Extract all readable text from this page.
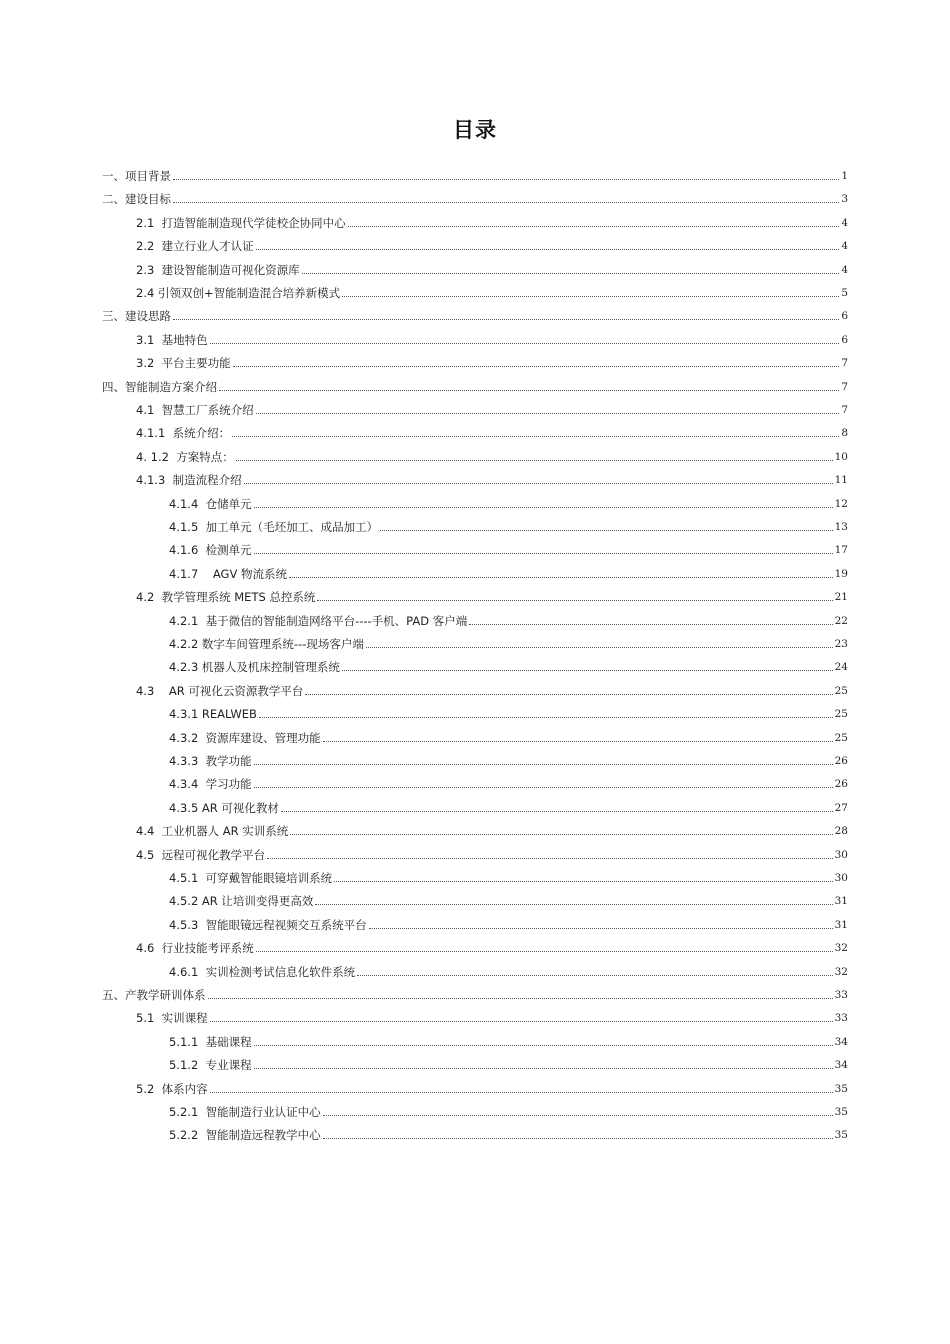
目录
一、项目背景	1
二、建设目标	3
2.1  打造智能制造现代学徒校企协同中心	4
2.2  建立行业人才认证	4
2.3  建设智能制造可视化资源库	4
2.4 引领双创+智能制造混合培养新模式	5
三、建设思路	6
3.1  基地特色	6
3.2  平台主要功能	7
四、智能制造方案介绍	7
4.1  智慧工厂系统介绍	7
4.1.1  系统介绍：	8
4. 1.2  方案特点：	10
4.1.3  制造流程介绍	11
4.1.4  仓储单元	12
4.1.5  加工单元（毛坯加工、成品加工）	13
4.1.6  检测单元	17
4.1.7    AGV 物流系统	19
4.2  教学管理系统 METS 总控系统	21
4.2.1  基于微信的智能制造网络平台----手机、PAD 客户端	22
4.2.2 数字车间管理系统---现场客户端	23
4.2.3 机器人及机床控制管理系统	24
4.3    AR 可视化云资源教学平台	25
4.3.1 REALWEB	25
4.3.2  资源库建设、管理功能	25
4.3.3  教学功能	26
4.3.4  学习功能	26
4.3.5 AR 可视化教材	27
4.4  工业机器人 AR 实训系统	28
4.5  远程可视化教学平台	30
4.5.1  可穿戴智能眼镜培训系统	30
4.5.2 AR 让培训变得更高效	31
4.5.3  智能眼镜远程视频交互系统平台	31
4.6  行业技能考评系统	32
4.6.1  实训检测考试信息化软件系统	32
五、产教学研训体系	33
5.1  实训课程	33
5.1.1  基础课程	34
5.1.2  专业课程	34
5.2  体系内容	35
5.2.1  智能制造行业认证中心	35
5.2.2  智能制造远程教学中心	35
